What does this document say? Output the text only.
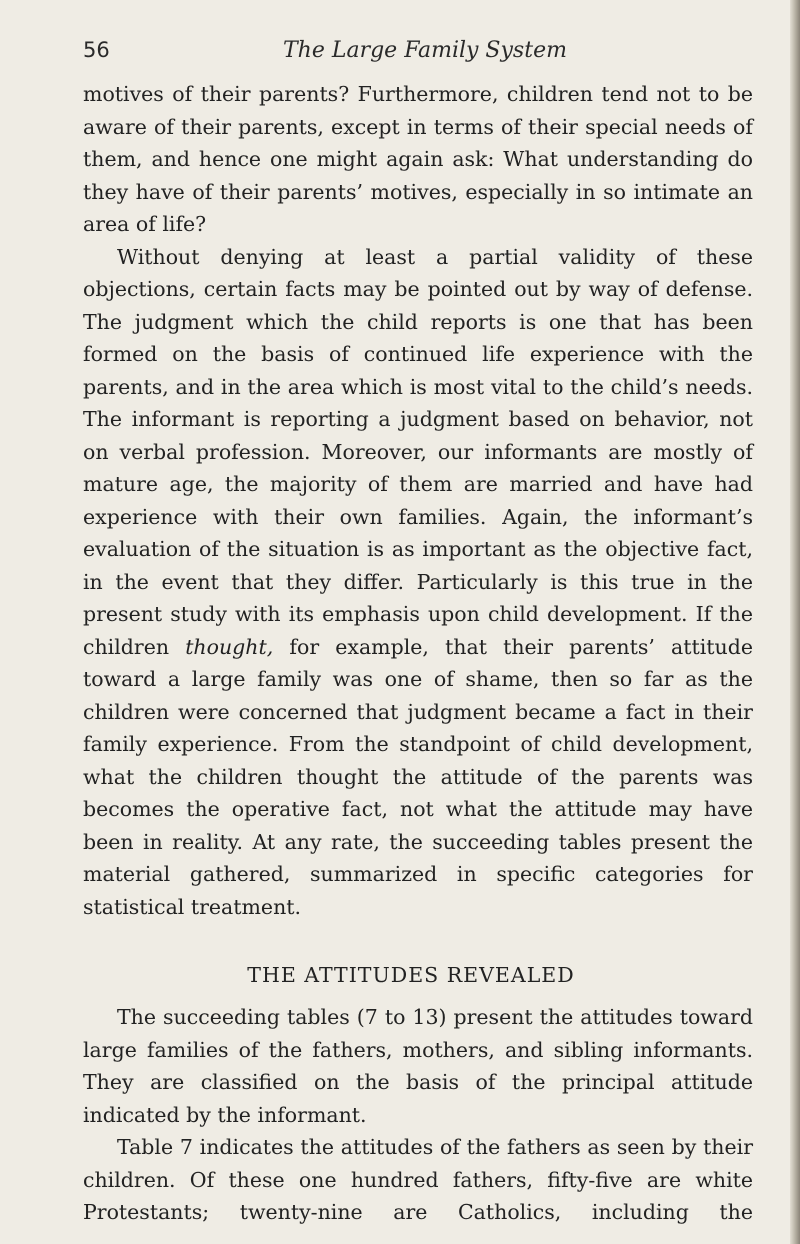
56	The Large Family System

motives of their parents? Furthermore, children tend not to be aware of their parents, except in terms of their special needs of them, and hence one might again ask: What understanding do they have of their parents’ motives, especially in so intimate an area of life?

Without denying at least a partial validity of these objections, certain facts may be pointed out by way of defense. The judgment which the child reports is one that has been formed on the basis of continued life experience with the parents, and in the area which is most vital to the child’s needs. The informant is reporting a judgment based on behavior, not on verbal profession. Moreover, our informants are mostly of mature age, the majority of them are married and have had experience with their own families. Again, the informant’s evaluation of the situation is as important as the objective fact, in the event that they differ. Particularly is this true in the present study with its emphasis upon child development. If the children thought, for example, that their parents’ attitude toward a large family was one of shame, then so far as the children were concerned that judgment became a fact in their family experience. From the standpoint of child development, what the children thought the attitude of the parents was becomes the operative fact, not what the attitude may have been in reality. At any rate, the succeeding tables present the material gathered, summarized in specific categories for statistical treatment.

THE ATTITUDES REVEALED

The succeeding tables (7 to 13) present the attitudes toward large families of the fathers, mothers, and sibling informants. They are classified on the basis of the principal attitude indicated by the informant.

Table 7 indicates the attitudes of the fathers as seen by their children. Of these one hundred fathers, fifty-five are white Protestants; twenty-nine are Catholics, including the
